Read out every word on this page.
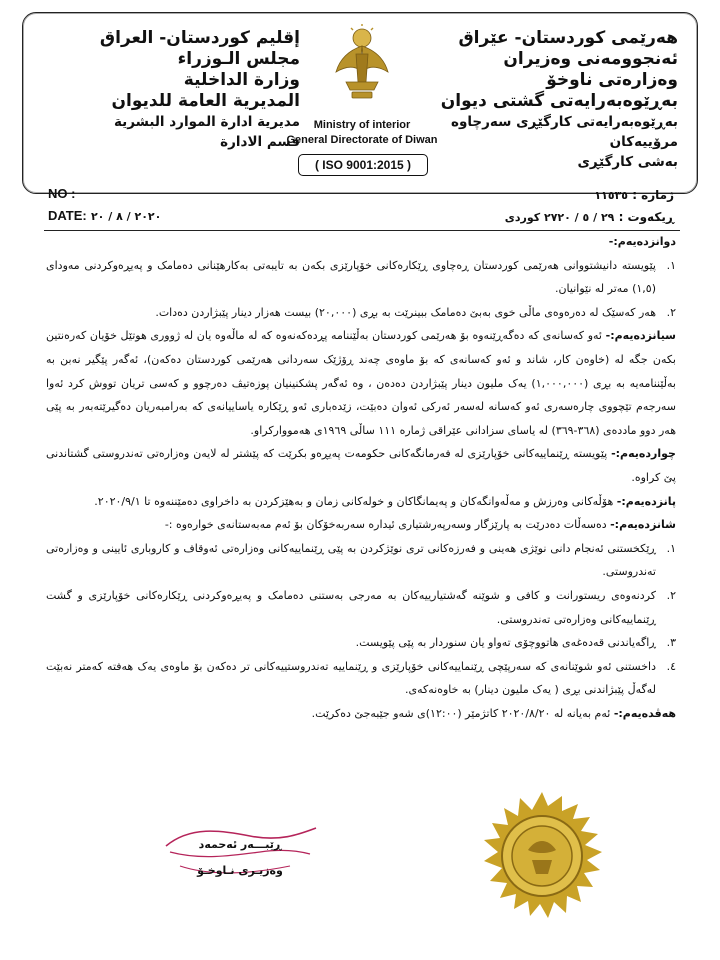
إقليم كوردستان- العراق
مجلس الـوزراء
وزارة الداخلية
المديرية العامة للديوان
مديرية ادارة الموارد البشرية
قسم الادارة
هەرێمی کوردستان- عێراق
ئەنجوومەنی وەزیران
وەزارەتی ناوخۆ
بەڕێوەبەرایەتی گشتی دیوان
بەڕێوەبەرایەتی کارگێڕی سەرچاوە مرۆییەکان
بەشی کارگێڕی
Ministry of interior
General Directorate of Diwan
( ISO 9001:2015 )
NO :
DATE: ٢٠٢٠ / ٨ / ٢٠
ژمارە : ١١٥٣٥
ڕیکەوت : ٢٩ / ٥ / ٢٧٢٠ کوردی

دوانزدەیەم:-

١.
پێویستە دانیشتووانی هەرێمی کوردستان ڕەچاوی ڕێکارەکانی خۆپارێزی بکەن بە تایبەتی بەکارهێنانی دەمامک و پەیڕەوکردنی مەودای (١,٥) مەتر لە نێوانیان.

٢.
هەر کەسێک لە دەرەوەی ماڵی خوی بەبێ دەمامک ببینرێت بە بڕی (٢٠,٠٠٠) بیست هەزار دینار پێبژاردن دەدات.

سیانزدەیەم:- ئەو کەسانەی کە دەگەڕێنەوە بۆ هەرێمی کوردستان بەڵێننامە پڕدەکەنەوە کە لە ماڵەوە یان لە ژووری هوتێل خۆیان کەرەنتین بکەن جگە لە (خاوەن کار، شاند و ئەو کەسانەی کە بۆ ماوەی چەند ڕۆژێک سەردانی هەرێمی کوردستان دەکەن)، ئەگەر پێگیر نەبن بە بەڵێننامەیە بە بڕی (١,٠٠٠,٠٠٠) یەک ملیون دینار پێبژاردن دەدەن ، وە ئەگەر پشکنینیان پوزەتیڤ دەرچوو و کەسی تریان تووش کرد ئەوا سەرجەم تێچووی چارەسەری ئەو کەسانە لەسەر ئەرکی ئەوان دەبێت، زێدەباری ئەو ڕێکارە یاساییانەی کە بەرامبەریان دەگیرێتەبەر بە پێی هەر دوو ماددەی (٣٦٨-٣٦٩) لە یاسای سزادانی عێراقی ژمارە ١١١ ساڵی ١٩٦٩ی هەمووارکراو.

چواردەیەم:- پێویستە ڕێنماییەکانی خۆپارێزی لە فەرمانگەکانی حکومەت پەیڕەو بکرێت کە پێشتر لە لایەن وەزارەتی تەندروستی گشتاندنی پێ کراوە.

پانزدەیەم:- هۆڵەکانی وەرزش و مەڵەوانگەکان و پەیمانگاکان و خولەکانی زمان و بەهێزکردن بە داخراوی دەمێننەوە تا ٢٠٢٠/٩/١.

شانزدەیەم:- دەسەڵات دەدرێت بە پارێزگار وسەرپەرشتیاری ئیدارە سەربەخۆکان بۆ ئەم مەبەستانەی خوارەوە :-

١.
ڕێکخستنی ئەنجام دانی نوێژی هەینی و فەرزەکانی تری نوێژکردن بە پێی ڕێنماییەکانی وەزارەتی ئەوقاف و کاروباری ئایینی و وەزارەتی تەندروستی.

٢.
کردنەوەی ریستورانت و کافی و شوێنە گەشتیارییەکان بە مەرجی بەستنی دەمامک و پەیڕەوکردنی ڕێکارەکانی خۆپارێزی و گشت ڕێنماییەکانی وەزارەتی تەندروستی.

٣.
ڕاگەیاندنی قەدەغەی هاتووچۆی تەواو یان سنوردار بە پێی پێویست.

٤.
داخستنی ئەو شوێنانەی کە سەرپێچی ڕێنماییەکانی خۆپارێزی و ڕێنماییە تەندروستییەکانی تر دەکەن بۆ ماوەی یەک هەفتە کەمتر نەبێت لەگەڵ پێبژاندنی بڕی ( یەک ملیون دینار) بە خاوەنەکەی.

هەڤدەیەم:- ئەم بەیانە لە ٢٠٢٠/٨/٢٠ کاتژمێر (١٢:٠٠)ی شەو جێبەجێ دەکرێت.

ڕێبـــەر ئەحمەد
وەزیـری نـاوخـۆ
